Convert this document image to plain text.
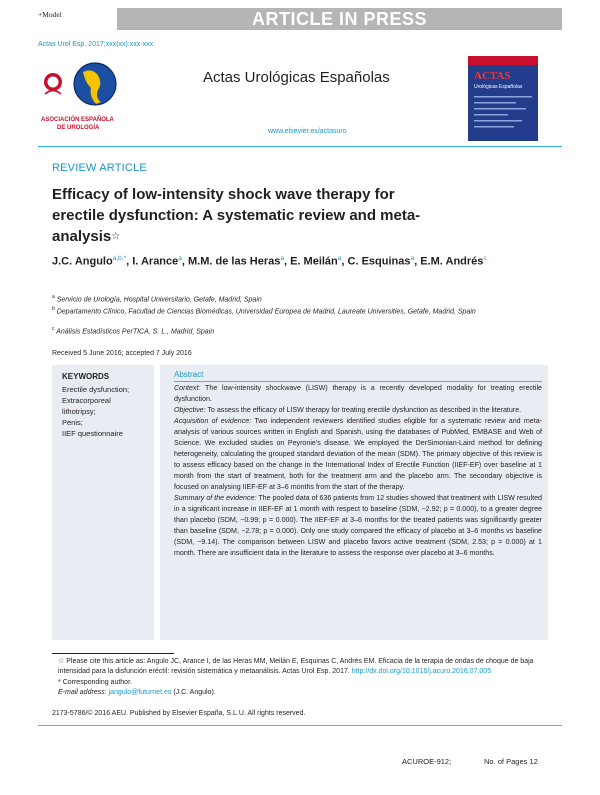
+Model	ARTICLE IN PRESS
Actas Urol Esp. 2017;xxx(xx):xxx-xxx
ASOCIACIÓN ESPAÑOLA
DE UROLOGÍA
Actas Urológicas Españolas
www.elsevier.es/actasuro
ACTAS
Urológicas Españolas
REVIEW ARTICLE
Efficacy of low-intensity shock wave therapy for erectile dysfunction: A systematic review and meta-analysis☆
J.C. Angulo$^{a,b,*}$, I. Arance$^a$, M.M. de las Heras$^a$, E. Meilán$^a$, C. Esquinas$^a$, E.M. Andrés$^c$
$^a$ Servicio de Urología, Hospital Universitario, Getafe, Madrid, Spain
$^b$ Departamento Clínico, Facultad de Ciencias Biomédicas, Universidad Europea de Madrid, Laureate Universities, Getafe, Madrid, Spain
$^c$ Análisis Estadísticos PerTICA, S. L., Madrid, Spain
Received 5 June 2016; accepted 7 July 2016
KEYWORDS
Erectile dysfunction;
Extracorporeal
lithotripsy;
Penis;
IIEF questionnaire
Abstract

Context: The low-intensity shockwave (LISW) therapy is a recently developed modality for treating erectile dysfunction.

Objective: To assess the efficacy of LISW therapy for treating erectile dysfunction as described in the literature.

Acquisition of evidence: Two independent reviewers identified studies eligible for a systematic review and meta-analysis of various sources written in English and Spanish, using the databases of PubMed, EMBASE and Web of Science. We excluded studies on Peyronie's disease. We employed the DerSimonian-Laird method for defining heterogeneity, calculating the grouped standard deviation of the mean (SDM). The primary objective of this review is to assess efficacy based on the change in the International Index of Erectile Function (IIEF-EF) over baseline at 1 month from the start of treatment, both for the treatment arm and the placebo arm. The secondary objective is focused on analysing IIEF-EF at 3–6 months from the start of the therapy.

Summary of the evidence: The pooled data of 636 patients from 12 studies showed that treatment with LISW resulted in a significant increase in IIEF-EF at 1 month with respect to baseline (SDM, −2.92; p = 0.000), to a greater degree than placebo (SDM, −0.99; p = 0.000). The IIEF-EF at 3–6 months for the treated patients was significantly greater than baseline (SDM, −2.78; p = 0.000). Only one study compared the efficacy of placebo at 3–6 months vs baseline (SDM, −9.14). The comparison between LISW and placebo favors active treatment (SDM, 2.53; p = 0.000) at 1 month. There are insufficient data in the literature to assess the response over placebo at 3–6 months.

☆ Please cite this article as: Angulo JC, Arance I, de las Heras MM, Meilán E, Esquinas C, Andrés EM. Eficacia de la terapia de ondas de choque de baja intensidad para la disfunción eréctil: revisión sistemática y metaanálisis. Actas Urol Esp. 2017. http://dx.doi.org/10.1016/j.acuro.2016.07.005
* Corresponding author.
E-mail address: jangulo@futurnet.es (J.C. Angulo).
2173-5786/© 2016 AEU. Published by Elsevier España, S.L.U. All rights reserved.
ACUROE-912;	No. of Pages 12
